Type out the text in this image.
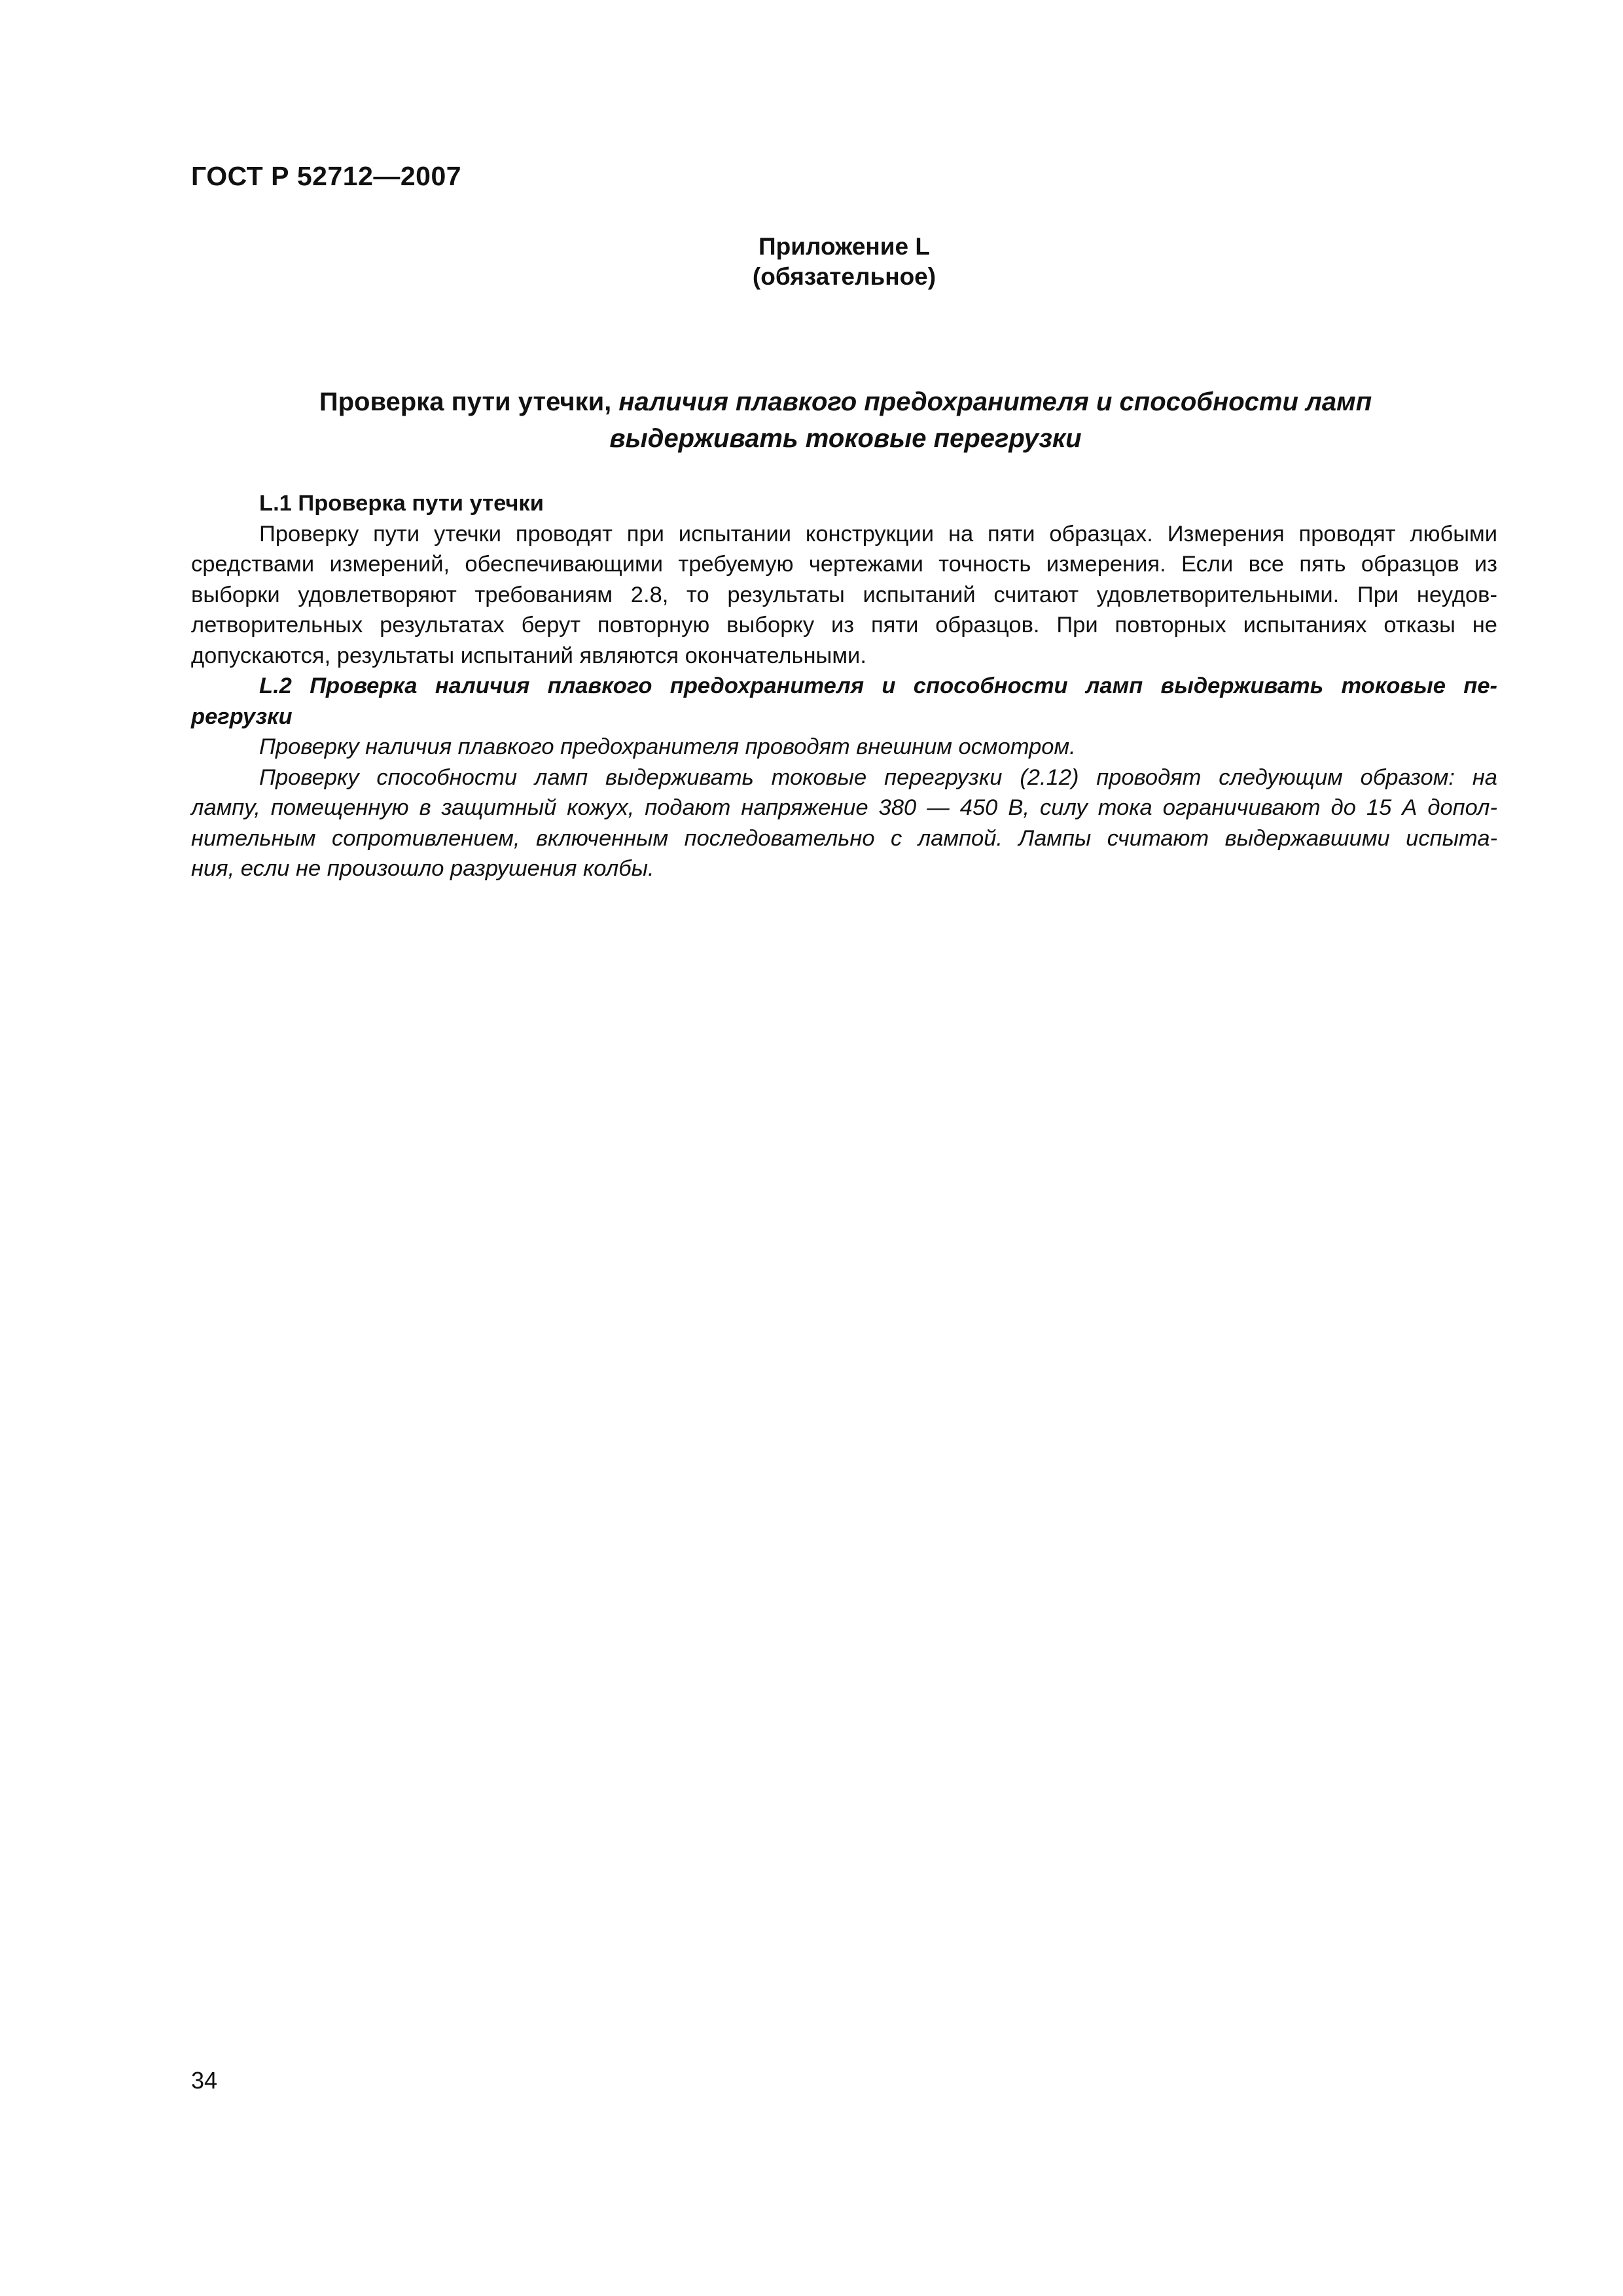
ГОСТ Р 52712—2007
Приложение L
(обязательное)
Проверка пути утечки, наличия плавкого предохранителя и способности ламп
выдерживать токовые перегрузки
L.1 Проверка пути утечки
Проверку пути утечки проводят при испытании конструкции на пяти образцах. Измерения проводят любыми
средствами измерений, обеспечивающими требуемую чертежами точность измерения. Если все пять образцов из
выборки удовлетворяют требованиям 2.8, то результаты испытаний считают удовлетворительными. При неудов-
летворительных результатах берут повторную выборку из пяти образцов. При повторных испытаниях отказы не
допускаются, результаты испытаний являются окончательными.
L.2 Проверка наличия плавкого предохранителя и способности ламп выдерживать токовые пе-
регрузки
Проверку наличия плавкого предохранителя проводят внешним осмотром.
Проверку способности ламп выдерживать токовые перегрузки (2.12) проводят следующим образом: на
лампу, помещенную в защитный кожух, подают напряжение 380 — 450 В, силу тока ограничивают до 15 А допол-
нительным сопротивлением, включенным последовательно с лампой. Лампы считают выдержавшими испыта-
ния, если не произошло разрушения колбы.
34
